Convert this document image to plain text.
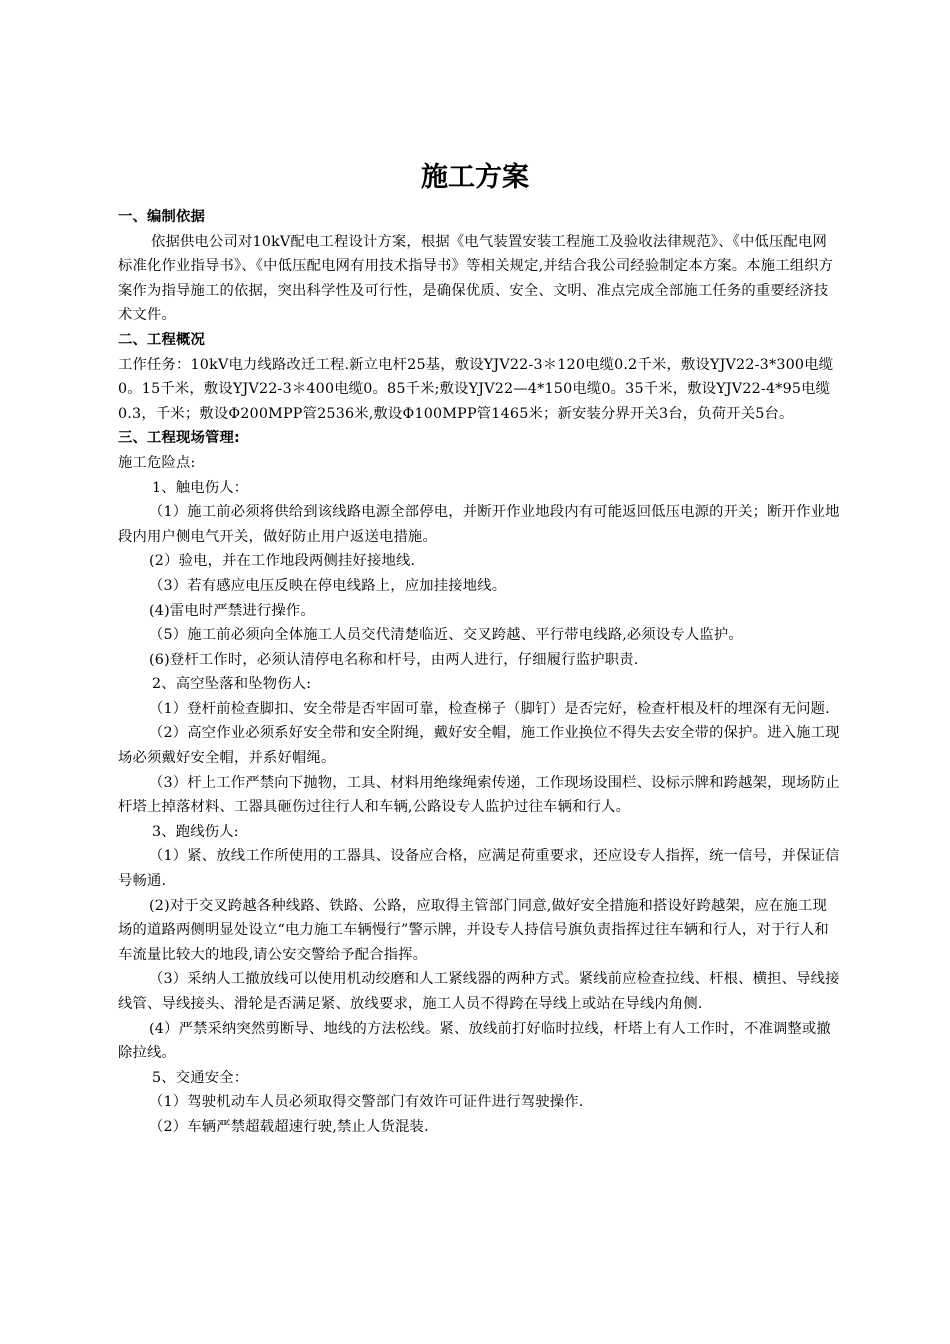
施工方案

一、编制依据

依据供电公司对10kV配电工程设计方案，根据《电气装置安装工程施工及验收法律规范》、《中低压配电网标准化作业指导书》、《中低压配电网有用技术指导书》等相关规定,并结合我公司经验制定本方案。本施工组织方案作为指导施工的依据，突出科学性及可行性，是确保优质、安全、文明、准点完成全部施工任务的重要经济技术文件。

二、工程概况

工作任务：10kV电力线路改迁工程.新立电杆25基，敷设YJV22-3＊120电缆0.2千米，敷设YJV22-3*300电缆0。15千米，敷设YJV22-3＊400电缆0。85千米;敷设YJV22—4*150电缆0。35千米，敷设YJV22-4*95电缆0.3，千米；敷设Φ200MPP管2536米,敷设Φ100MPP管1465米；新安装分界开关3台，负荷开关5台。

三、工程现场管理:

施工危险点:

1、触电伤人：

（1）施工前必须将供给到该线路电源全部停电，并断开作业地段内有可能返回低压电源的开关；断开作业地段内用户侧电气开关，做好防止用户返送电措施。

(2）验电，并在工作地段两侧挂好接地线.

（3）若有感应电压反映在停电线路上，应加挂接地线。

(4)雷电时严禁进行操作。

（5）施工前必须向全体施工人员交代清楚临近、交叉跨越、平行带电线路,必须设专人监护。

(6)登杆工作时，必须认清停电名称和杆号，由两人进行，仔细履行监护职责.

2、高空坠落和坠物伤人:

（1）登杆前检查脚扣、安全带是否牢固可靠，检查梯子（脚钉）是否完好，检查杆根及杆的埋深有无问题.

（2）高空作业必须系好安全带和安全附绳，戴好安全帽，施工作业换位不得失去安全带的保护。进入施工现场必须戴好安全帽，并系好帽绳。

（3）杆上工作严禁向下抛物，工具、材料用绝缘绳索传递，工作现场设围栏、设标示牌和跨越架，现场防止杆塔上掉落材料、工器具砸伤过往行人和车辆,公路设专人监护过往车辆和行人。

3、跑线伤人:

（1）紧、放线工作所使用的工器具、设备应合格，应满足荷重要求，还应设专人指挥，统一信号，并保证信号畅通.

(2)对于交叉跨越各种线路、铁路、公路，应取得主管部门同意,做好安全措施和搭设好跨越架，应在施工现场的道路两侧明显处设立“电力施工车辆慢行”警示牌，并设专人持信号旗负责指挥过往车辆和行人，对于行人和车流量比较大的地段,请公安交警给予配合指挥。

（3）采纳人工撤放线可以使用机动绞磨和人工紧线器的两种方式。紧线前应检查拉线、杆根、横担、导线接线管、导线接头、滑轮是否满足紧、放线要求，施工人员不得跨在导线上或站在导线内角侧.

(4）严禁采纳突然剪断导、地线的方法松线。紧、放线前打好临时拉线，杆塔上有人工作时，不准调整或撤除拉线。

5、交通安全：

（1）驾驶机动车人员必须取得交警部门有效许可证件进行驾驶操作.

（2）车辆严禁超载超速行驶,禁止人货混装.
